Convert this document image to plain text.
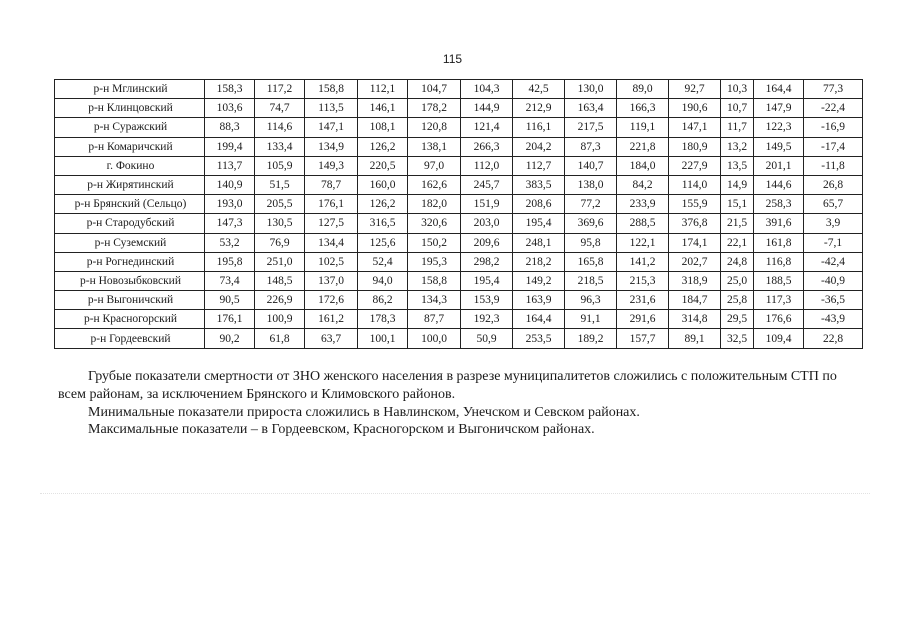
115
р-н Мглинский	158,3	117,2	158,8	112,1	104,7	104,3	42,5	130,0	89,0	92,7	10,3	164,4	77,3
р-н Клинцовский	103,6	74,7	113,5	146,1	178,2	144,9	212,9	163,4	166,3	190,6	10,7	147,9	-22,4
р-н Суражский	88,3	114,6	147,1	108,1	120,8	121,4	116,1	217,5	119,1	147,1	11,7	122,3	-16,9
р-н Комаричский	199,4	133,4	134,9	126,2	138,1	266,3	204,2	87,3	221,8	180,9	13,2	149,5	-17,4
г. Фокино	113,7	105,9	149,3	220,5	97,0	112,0	112,7	140,7	184,0	227,9	13,5	201,1	-11,8
р-н Жирятинский	140,9	51,5	78,7	160,0	162,6	245,7	383,5	138,0	84,2	114,0	14,9	144,6	26,8
р-н Брянский (Сельцо)	193,0	205,5	176,1	126,2	182,0	151,9	208,6	77,2	233,9	155,9	15,1	258,3	65,7
р-н Стародубский	147,3	130,5	127,5	316,5	320,6	203,0	195,4	369,6	288,5	376,8	21,5	391,6	3,9
р-н Суземский	53,2	76,9	134,4	125,6	150,2	209,6	248,1	95,8	122,1	174,1	22,1	161,8	-7,1
р-н Рогнединский	195,8	251,0	102,5	52,4	195,3	298,2	218,2	165,8	141,2	202,7	24,8	116,8	-42,4
р-н Новозыбковский	73,4	148,5	137,0	94,0	158,8	195,4	149,2	218,5	215,3	318,9	25,0	188,5	-40,9
р-н Выгоничский	90,5	226,9	172,6	86,2	134,3	153,9	163,9	96,3	231,6	184,7	25,8	117,3	-36,5
р-н Красногорский	176,1	100,9	161,2	178,3	87,7	192,3	164,4	91,1	291,6	314,8	29,5	176,6	-43,9
р-н Гордеевский	90,2	61,8	63,7	100,1	100,0	50,9	253,5	189,2	157,7	89,1	32,5	109,4	22,8

Грубые показатели смертности от ЗНО женского населения в разрезе муниципалитетов сложились с положительным СТП по всем районам, за исключением Брянского и Климовского районов.

Минимальные показатели прироста сложились в Навлинском, Унечском и Севском районах.

Максимальные показатели – в Гордеевском, Красногорском и Выгоничском районах.
